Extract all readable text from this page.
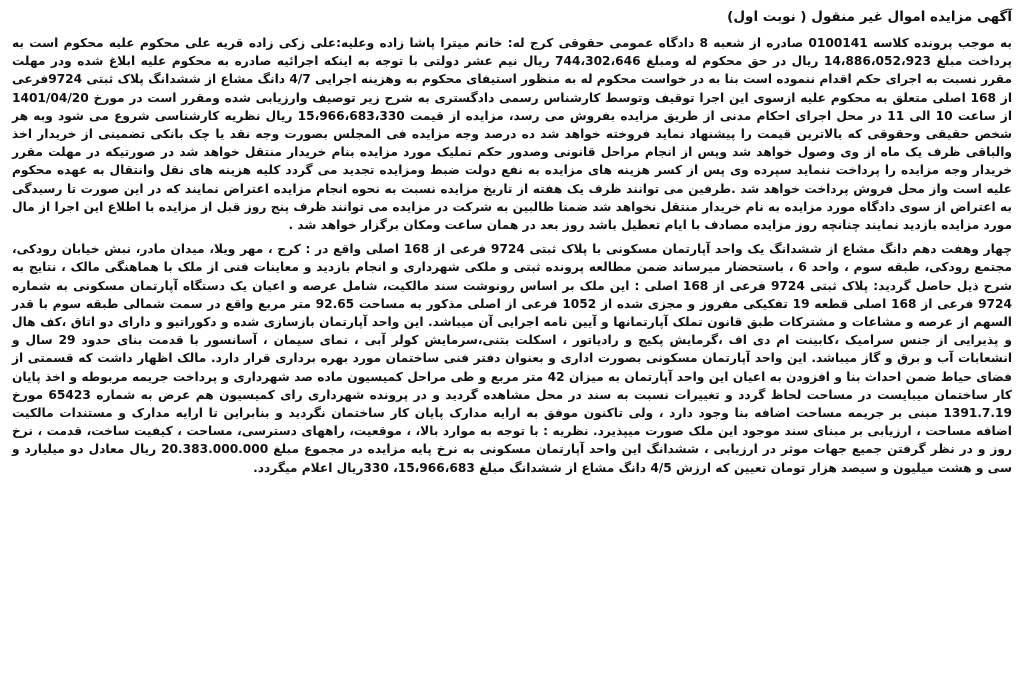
آگهی مزایده اموال غیر منقول ( نوبت اول)

به موجب پرونده کلاسه 0100141 صادره از شعبه 8 دادگاه عمومی حقوقی کرج له: خانم میترا پاشا زاده وعلیه:علی زکی زاده قریه علی محکوم علیه محکوم است به پرداخت مبلغ 14،886،052،923 ریال در حق محکوم له ومبلغ 744،302،646 ریال نیم عشر دولتی با توجه به اینکه اجرائیه صادره به محکوم علیه ابلاغ شده ودر مهلت مقرر نسبت به اجرای حکم اقدام ننموده است بنا به در خواست محکوم له به منظور استیفای محکوم به وهزینه اجرایی 4/7 دانگ مشاع از ششدانگ پلاک ثبتی 9724فرعی از 168 اصلی متعلق به محکوم علیه ازسوی این اجرا توقیف وتوسط کارشناس رسمی دادگستری به شرح زیر توصیف وارزیابی شده ومقرر است در مورخ 1401/04/20 از ساعت 10 الی 11 در محل اجرای احکام مدنی از طریق مزایده بفروش می رسد، مزایده از قیمت 15،966،683،330 ریال نظریه کارشناسی شروع می شود وبه هر شخص حقیقی وحقوقی که بالاترین قیمت را پیشنهاد نماید فروخته خواهد شد ده درصد وجه مزایده فی المجلس بصورت وجه نقد یا چک بانکی تضمینی از خریدار اخذ والباقی ظرف یک ماه از وی وصول خواهد شد وپس از انجام مراحل قانونی وصدور حکم تملیک مورد مزایده بنام خریدار منتقل خواهد شد در صورتیکه در مهلت مقرر خریدار وجه مزایده را پرداخت ننماید سپرده وی پس از کسر هزینه های مزایده به نفع دولت ضبط ومزایده تجدید می گردد کلیه هزینه های نقل وانتقال به عهده محکوم علیه است واز محل فروش پرداخت خواهد شد .طرفین می توانند ظرف یک هفته از تاریخ مزایده نسبت به نحوه انجام مزایده اعتراض نمایند که در این صورت تا رسیدگی به اعتراض از سوی دادگاه مورد مزایده به نام خریدار منتقل نخواهد شد ضمنا طالبین به شرکت در مزایده می توانند ظرف پنج روز قبل از مزایده با اطلاع این اجرا از مال مورد مزایده بازدید نمایند چنانچه روز مزایده مصادف با ایام تعطیل باشد روز بعد در همان ساعت ومکان برگزار خواهد شد .

چهار وهفت دهم دانگ مشاع از ششدانگ یک واحد آپارتمان مسکونی با پلاک ثبتی 9724 فرعی از 168 اصلی واقع در : کرج ، مهر ویلا، میدان مادر، نبش خیابان رودکی، مجتمع رودکی، طبقه سوم ، واحد 6 ، باستحضار میرساند ضمن مطالعه پرونده ثبتی و ملکی شهرداری و انجام بازدید و معاینات فنی از ملک با هماهنگی مالک ، نتایج به شرح ذیل حاصل گردید: پلاک ثبتی 9724 فرعی از 168 اصلی : این ملک بر اساس رونوشت سند مالکیت، شامل عرصه و اعیان یک دستگاه آپارتمان مسکونی به شماره 9724 فرعی از 168 اصلی قطعه 19 تفکیکی مفروز و مجزی شده از 1052 فرعی از اصلی مذکور به مساحت 92.65 متر مربع واقع در سمت شمالی طبقه سوم با قدر السهم از عرصه و مشاعات و مشترکات طبق قانون تملک آپارتمانها و آیین نامه اجرایی آن میباشد. این واحد آپارتمان بازسازی شده و دکوراتیو و دارای دو اتاق ،کف هال و پذیرایی از جنس سرامیک ،کابینت ام دی اف ،گرمایش پکیج و رادیاتور ، اسکلت بتنی،سرمایش کولر آبی ، نمای سیمان ، آسانسور با قدمت بنای حدود 29 سال و انشعابات آب و برق و گاز میباشد. این واحد آپارتمان مسکونی بصورت اداری و بعنوان دفتر فنی ساختمان مورد بهره برداری قرار دارد. مالک اظهار داشت که قسمتی از فضای حیاط ضمن احداث بنا و افزودن به اعیان این واحد آپارتمان به میزان 42 متر مربع و طی مراحل کمیسیون ماده صد شهرداری و پرداخت جریمه مربوطه و اخذ پایان کار ساختمان میبایست در مساحت لحاظ گردد و تغییرات نسبت به سند در محل مشاهده گردید و در پرونده شهرداری رای کمیسیون هم عرض به شماره 65423 مورخ 1391.7.19 مبنی بر جریمه مساحت اضافه بنا وجود دارد ، ولی تاکنون موفق به ارایه مدارک پایان کار ساختمان نگردید و بنابراین تا ارایه مدارک و مستندات مالکیت اضافه مساحت ، ارزیابی بر مبنای سند موجود این ملک صورت میپذیرد. نظریه : با توجه به موارد بالا، ، موقعیت، راههای دسترسی، مساحت ، کیفیت ساخت، قدمت ، نرخ روز و در نظر گرفتن جمیع جهات موثر در ارزیابی ، ششدانگ این واحد آپارتمان مسکونی به نرخ پایه مزایده در مجموع مبلغ 20.383.000.000 ریال معادل دو میلیارد و سی و هشت میلیون و سیصد هزار تومان تعیین که ارزش 4/5 دانگ مشاع از ششدانگ مبلغ 15،966،683، 330ریال اعلام میگردد.
